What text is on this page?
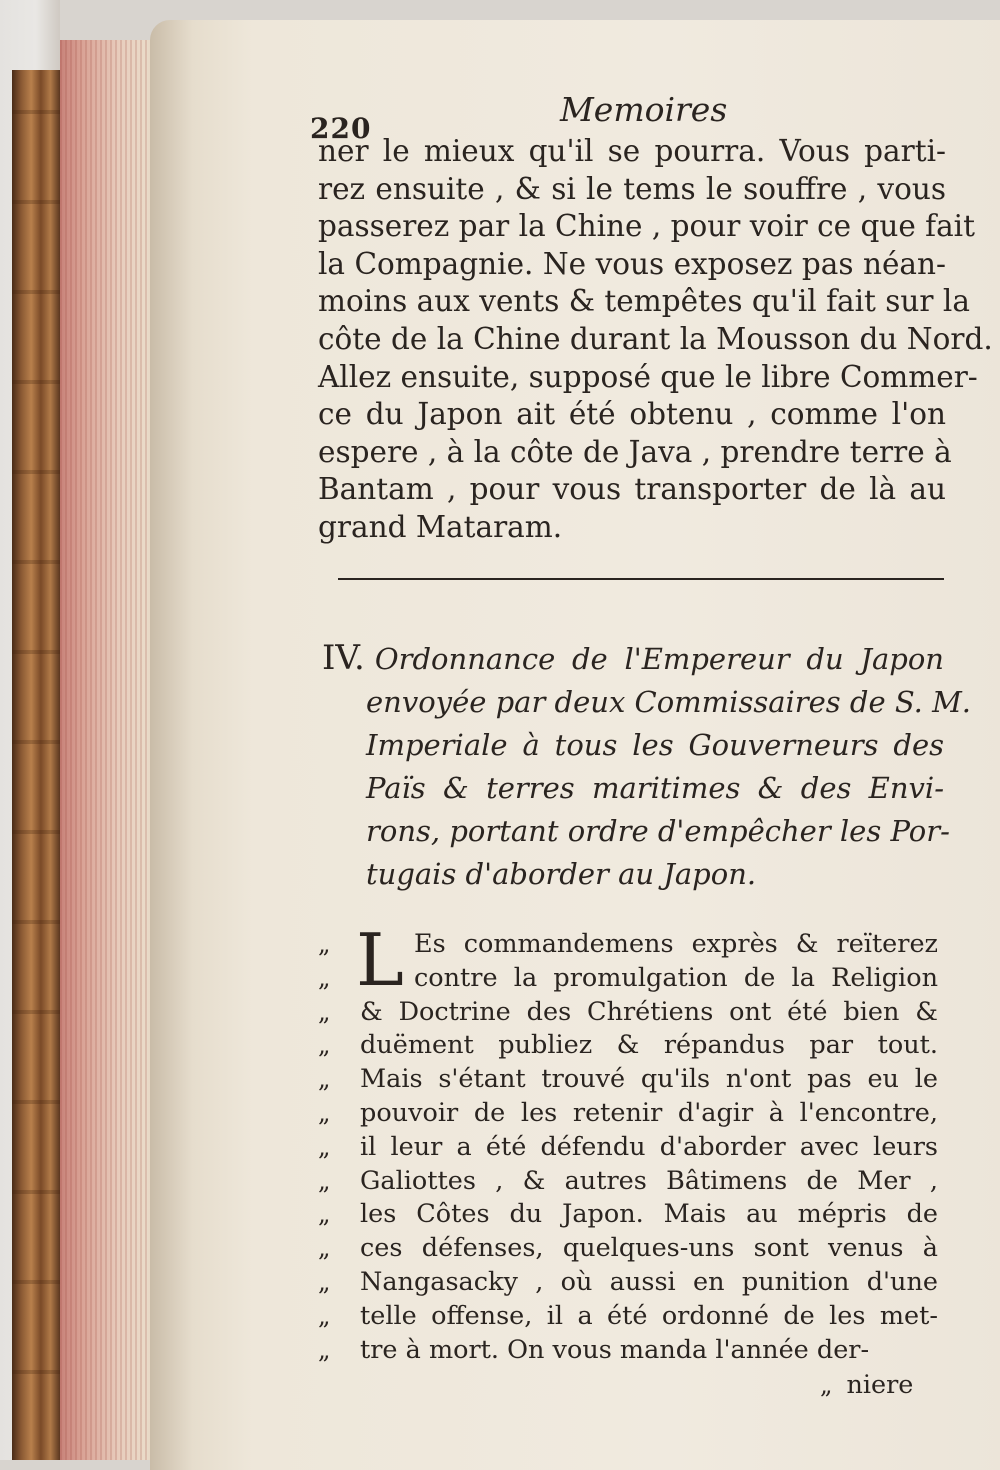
220	Memoires
ner le mieux qu'il se pourra. Vous parti-
rez ensuite , & si le tems le souffre , vous
passerez par la Chine , pour voir ce que fait
la Compagnie. Ne vous exposez pas néan-
moins aux vents & tempêtes qu'il fait sur la
côte de la Chine durant la Mousson du Nord.
Allez ensuite, supposé que le libre Commer-
ce du Japon ait été obtenu , comme l'on
espere , à la côte de Java , prendre terre à
Bantam , pour vous transporter de là au
grand Mataram.
IV. Ordonnance de l'Empereur du Japon
envoyée par deux Commissaires de S. M.
Imperiale à tous les Gouverneurs des
Païs & terres maritimes & des Envi-
rons, portant ordre d'empêcher les Por-
tugais d'aborder au Japon.
„ L Es commandemens exprès & reïterez
„	contre la promulgation de la Religion
„ & Doctrine des Chrétiens ont été bien &
„ duëment publiez & répandus par tout.
„ Mais s'étant trouvé qu'ils n'ont pas eu le
„ pouvoir de les retenir d'agir à l'encontre,
„ il leur a été défendu d'aborder avec leurs
„ Galiottes , & autres Bâtimens de Mer ,
„ les Côtes du Japon. Mais au mépris de
„ ces défenses, quelques-uns sont venus à
„ Nangasacky , où aussi en punition d'une
„ telle offense, il a été ordonné de les met-
„ tre à mort. On vous manda l'année der-
„ niere
